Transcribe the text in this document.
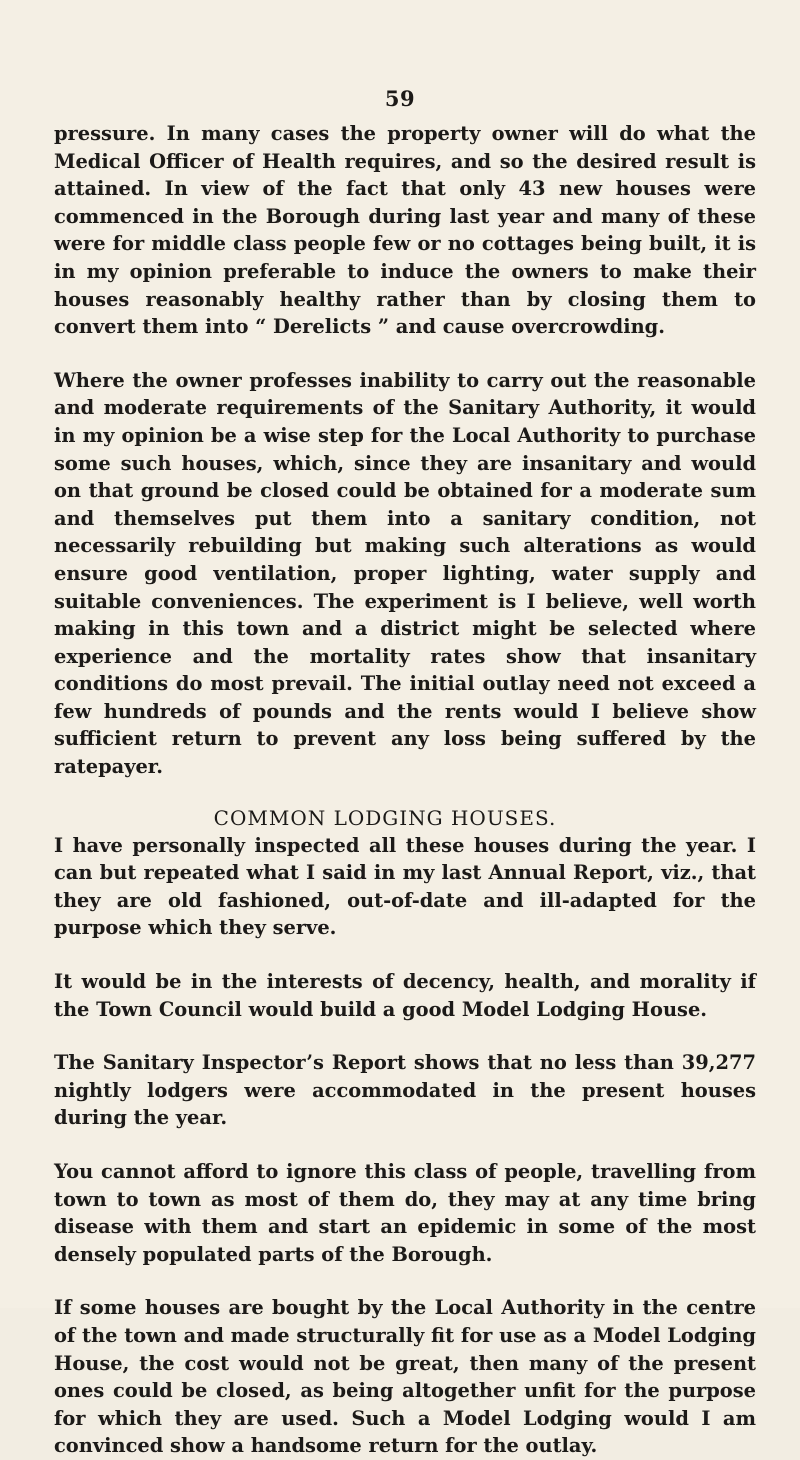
59

pressure. In many cases the property owner will do what the Medical Officer of Health requires, and so the desired result is attained. In view of the fact that only 43 new houses were commenced in the Borough during last year and many of these were for middle class people few or no cottages being built, it is in my opinion preferable to induce the owners to make their houses reasonably healthy rather than by closing them to convert them into “ Derelicts ” and cause overcrowding.

Where the owner professes inability to carry out the reasonable and moderate requirements of the Sanitary Authority, it would in my opinion be a wise step for the Local Authority to purchase some such houses, which, since they are insanitary and would on that ground be closed could be obtained for a moderate sum and themselves put them into a sanitary condition, not necessarily rebuilding but making such alterations as would ensure good ventilation, proper lighting, water supply and suitable conveniences. The experiment is I believe, well worth making in this town and a district might be selected where experience and the mortality rates show that insanitary conditions do most prevail. The initial outlay need not exceed a few hundreds of pounds and the rents would I believe show sufficient return to prevent any loss being suffered by the ratepayer.

COMMON LODGING HOUSES.

I have personally inspected all these houses during the year. I can but repeated what I said in my last Annual Report, viz., that they are old fashioned, out-of-date and ill-adapted for the purpose which they serve.

It would be in the interests of decency, health, and morality if the Town Council would build a good Model Lodging House.

The Sanitary Inspector’s Report shows that no less than 39,277 nightly lodgers were accommodated in the present houses during the year.

You cannot afford to ignore this class of people, travelling from town to town as most of them do, they may at any time bring disease with them and start an epidemic in some of the most densely populated parts of the Borough.

If some houses are bought by the Local Authority in the centre of the town and made structurally fit for use as a Model Lodging House, the cost would not be great, then many of the present ones could be closed, as being altogether unfit for the purpose for which they are used. Such a Model Lodging would I am convinced show a handsome return for the outlay.
